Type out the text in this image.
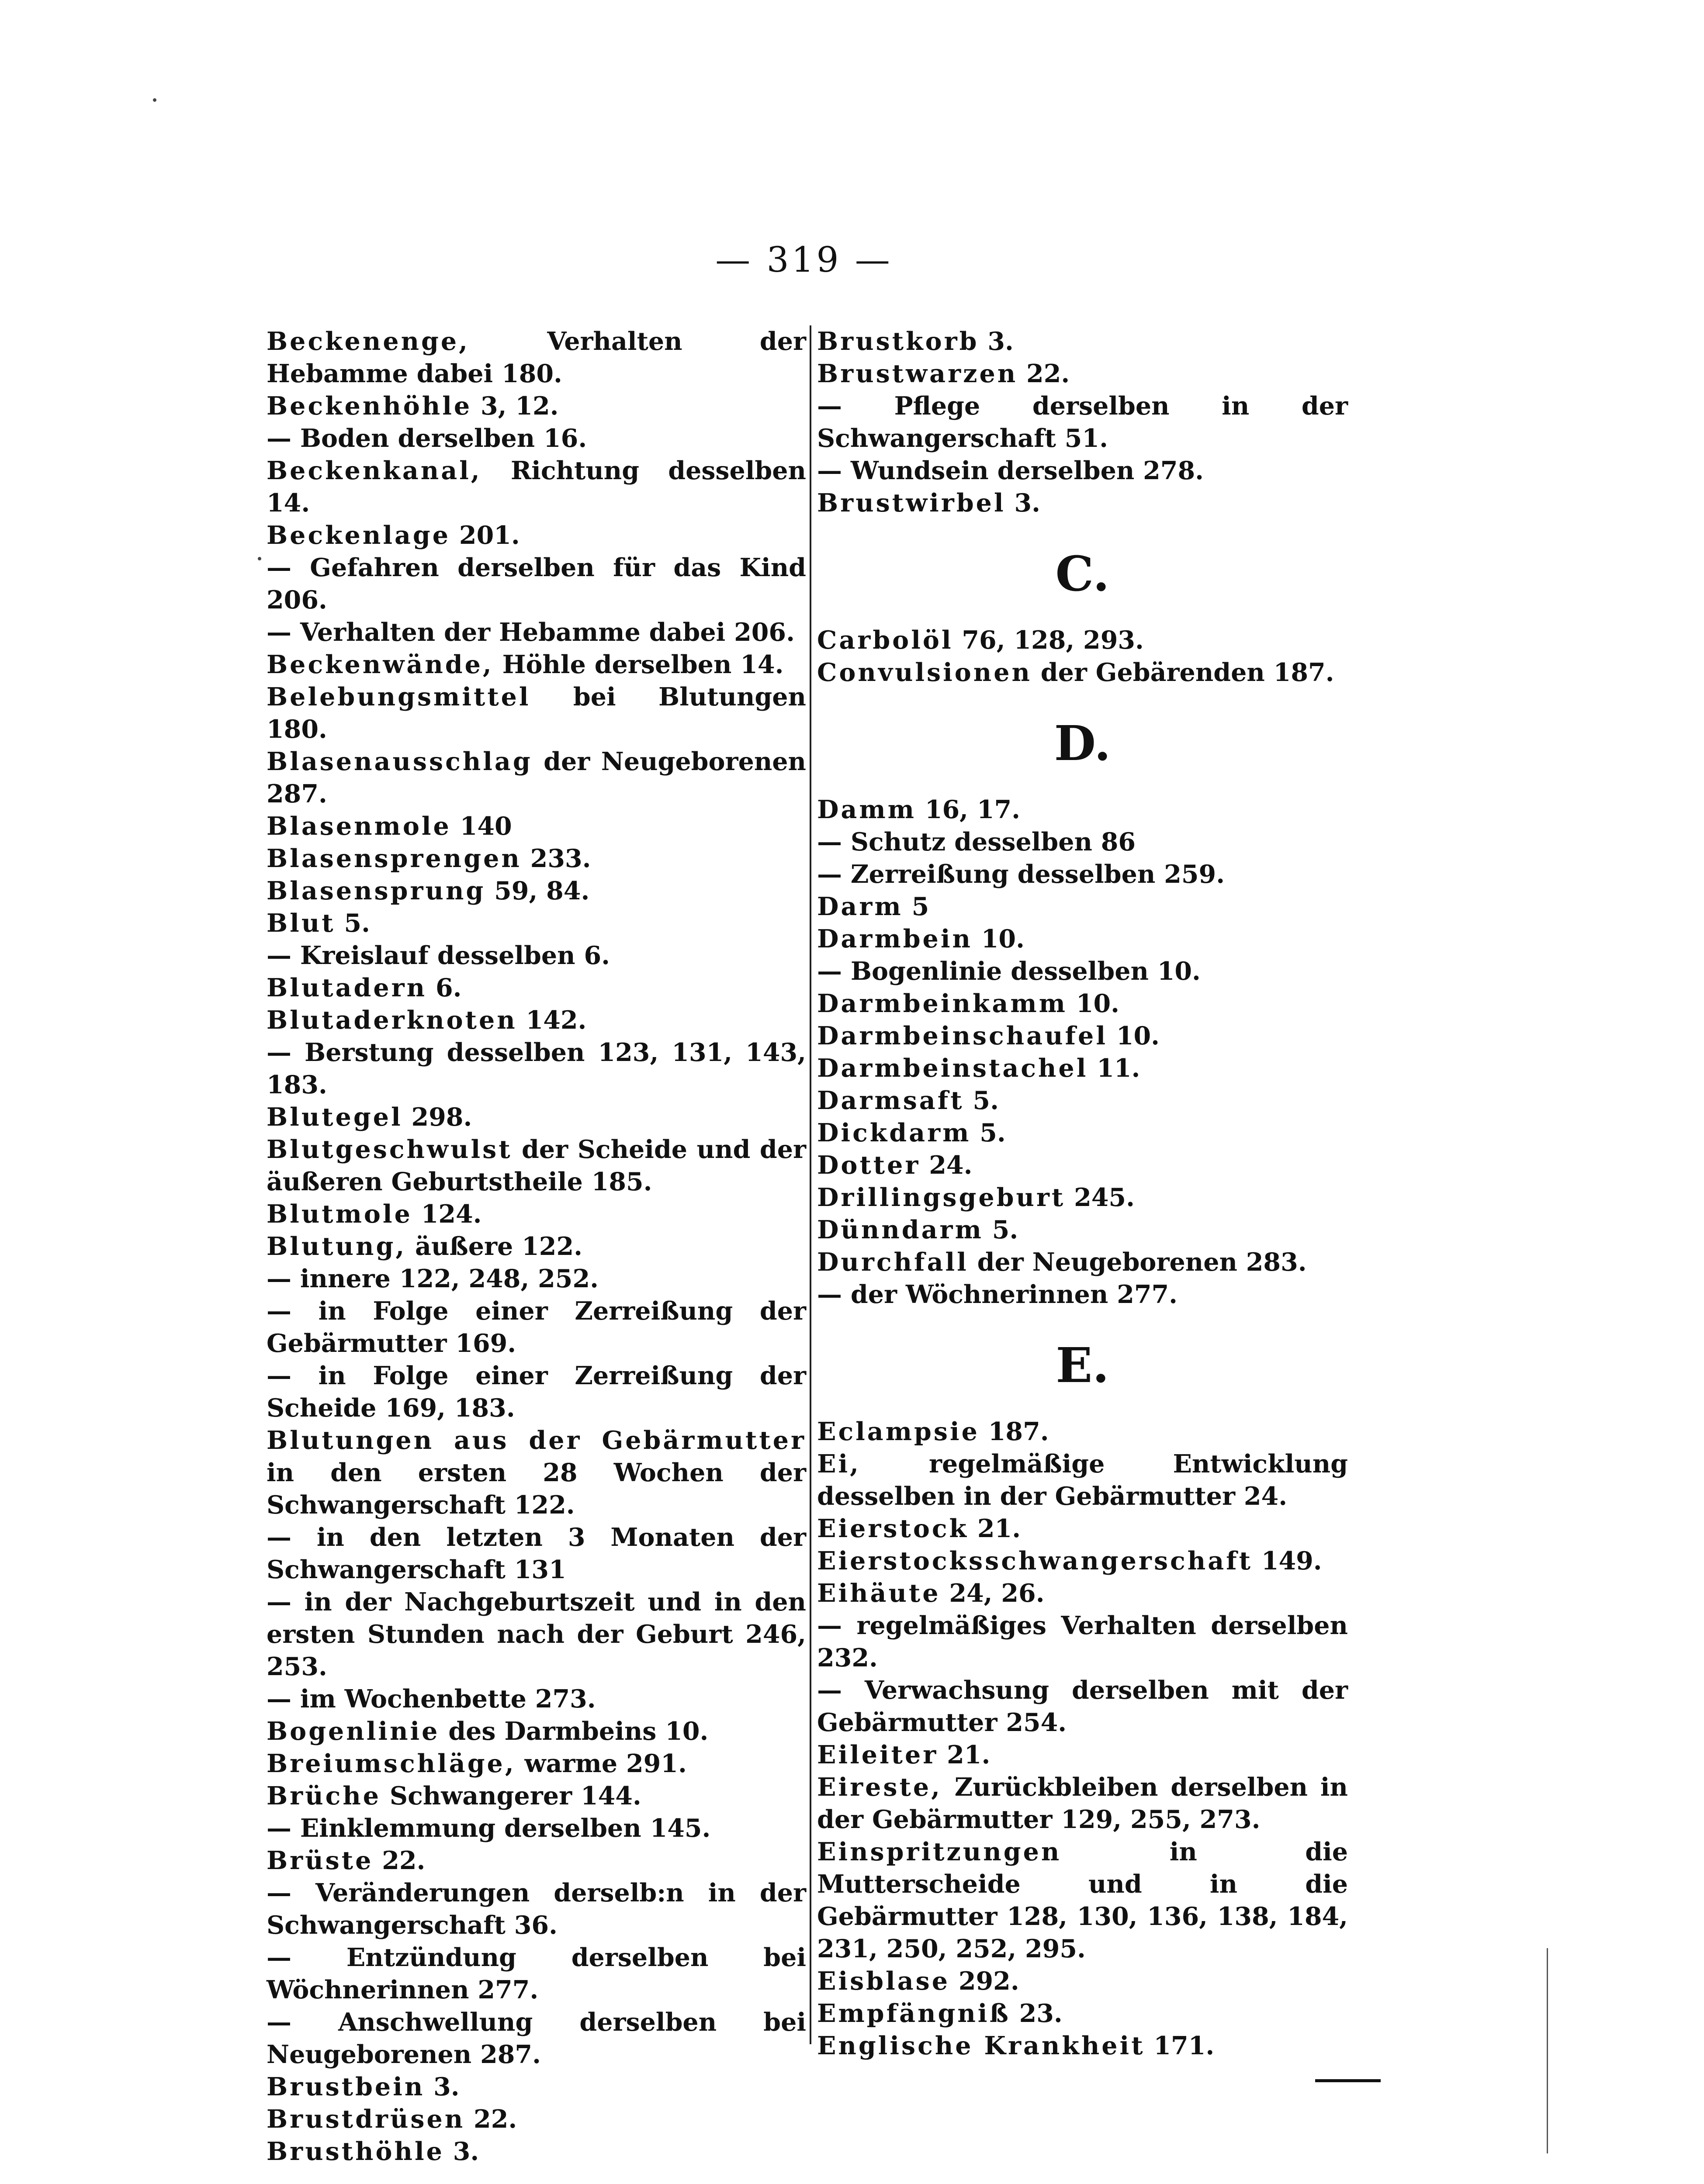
— 319 —
Beckenenge, Verhalten der Hebamme dabei 180.
Beckenhöhle 3, 12.
— Boden derselben 16.
Beckenkanal, Richtung desselben 14.
Beckenlage 201.
— Gefahren derselben für das Kind 206.
— Verhalten der Hebamme dabei 206.
Beckenwände, Höhle derselben 14.
Belebungsmittel bei Blutungen 180.
Blasenausschlag der Neugeborenen 287.
Blasenmole 140
Blasensprengen 233.
Blasensprung 59, 84.
Blut 5.
— Kreislauf desselben 6.
Blutadern 6.
Blutaderknoten 142.
— Berstung desselben 123, 131, 143, 183.
Blutegel 298.
Blutgeschwulst der Scheide und der äußeren Geburtstheile 185.
Blutmole 124.
Blutung, äußere 122.
— innere 122, 248, 252.
— in Folge einer Zerreißung der Gebärmutter 169.
— in Folge einer Zerreißung der Scheide 169, 183.
Blutungen aus der Gebärmutter in den ersten 28 Wochen der Schwangerschaft 122.
— in den letzten 3 Monaten der Schwangerschaft 131
— in der Nachgeburtszeit und in den ersten Stunden nach der Geburt 246, 253.
— im Wochenbette 273.
Bogenlinie des Darmbeins 10.
Breiumschläge, warme 291.
Brüche Schwangerer 144.
— Einklemmung derselben 145.
Brüste 22.
— Veränderungen derselb:n in der Schwangerschaft 36.
— Entzündung derselben bei Wöchnerinnen 277.
— Anschwellung derselben bei Neugeborenen 287.
Brustbein 3.
Brustdrüsen 22.
Brusthöhle 3.
Brustkorb 3.
Brustwarzen 22.
— Pflege derselben in der Schwangerschaft 51.
— Wundsein derselben 278.
Brustwirbel 3.
C.
Carbolöl 76, 128, 293.
Convulsionen der Gebärenden 187.
D.
Damm 16, 17.
— Schutz desselben 86
— Zerreißung desselben 259.
Darm 5
Darmbein 10.
— Bogenlinie desselben 10.
Darmbeinkamm 10.
Darmbeinschaufel 10.
Darmbeinstachel 11.
Darmsaft 5.
Dickdarm 5.
Dotter 24.
Drillingsgeburt 245.
Dünndarm 5.
Durchfall der Neugeborenen 283.
— der Wöchnerinnen 277.
E.
Eclampsie 187.
Ei, regelmäßige Entwicklung desselben in der Gebärmutter 24.
Eierstock 21.
Eierstocksschwangerschaft 149.
Eihäute 24, 26.
— regelmäßiges Verhalten derselben 232.
— Verwachsung derselben mit der Gebärmutter 254.
Eileiter 21.
Eireste, Zurückbleiben derselben in der Gebärmutter 129, 255, 273.
Einspritzungen in die Mutterscheide und in die Gebärmutter 128, 130, 136, 138, 184, 231, 250, 252, 295.
Eisblase 292.
Empfängniß 23.
Englische Krankheit 171.
